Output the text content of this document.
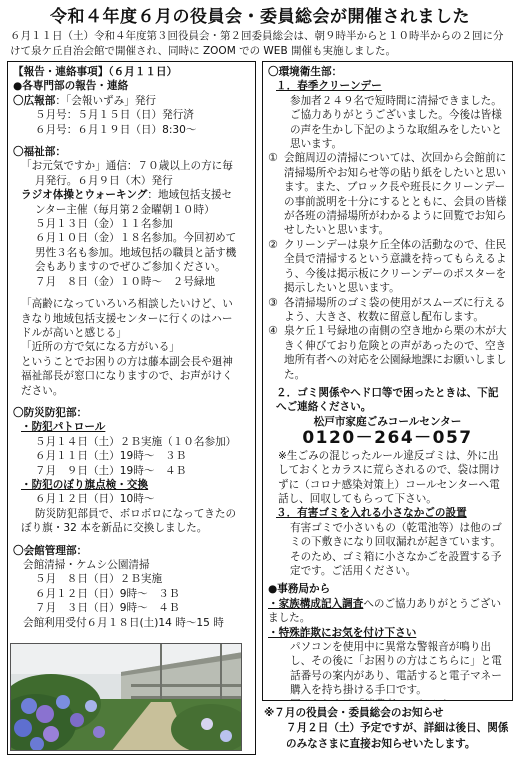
令和４年度６月の役員会・委員総会が開催されました
６月１１日（土）令和４年度第３回役員会・第２回委員総会は、朝９時半からと１０時半からの２回に分けて泉ケ丘自治会館で開催され、同時に ZOOM での WEB 開催も実施しました。
【報告・連絡事項】（６月１１日）
●各専門部の報告・連絡
〇広報部：「会報いずみ」発行
５月号：５月１５日（日）発行済
６月号：６月１９日（日）8:30～
〇福祉部：
「お元気ですか」通信：７０歳以上の方に毎
月発行。６月９日（木）発行
ラジオ体操とウォーキング：地域包括支援セ
ンター主催（毎月第２金曜朝１０時）
５月１３日（金）１１名参加
６月１０日（金）１８名参加。今回初めて
男性３名も参加。地域包括の職員と話す機
会もありますのでぜひご参加ください。
７月　８日（金）１０時～　２号緑地
「高齢になっていろいろ相談したいけど、い
きなり地域包括支援センターに行くのはハー
ドルが高いと感じる」
「近所の方で気になる方がいる」
ということでお困りの方は藤本副会長や廻神
福祉部長が窓口になりますので、お声がけく
ださい。
〇防災防犯部：
・防犯パトロール
５月１４日（土）２Ｂ実施（１０名参加）
６月１１日（土）19時～　３Ｂ
７月　９日（土）19時～　４Ｂ
・防犯のぼり旗点検・交換
６月１２日（日）10時～
防災防犯部員で、ボロボロになってきたの
ぼり旗・32 本を新品に交換しました。
〇会館管理部：
会館清掃・ケムシ公園清掃
５月　８日（日）２Ｂ実施
６月１２日（日）9時～　３Ｂ
７月　３日（日）9時～　４Ｂ
会館利用受付６月１８日(土)14 時～15 時
〇環境衛生部：
１．春季クリーンデー
参加者２４９名で短時間に清掃できました。ご協力ありがとうございました。今後は皆様の声を生かし下記のような取組みをしたいと思います。
① 会館周辺の清掃については、次回から会館前に清掃場所やお知らせ等の貼り紙をしたいと思います。また、ブロック長や班長にクリーンデーの事前説明を十分にするとともに、会員の皆様が各班の清掃場所がわかるように回覧でお知らせしたいと思います。
② クリーンデーは泉ケ丘全体の活動なので、住民全員で清掃するという意識を持ってもらえるよう、今後は掲示板にクリーンデーのポスターを掲示したいと思います。
③ 各清掃場所のゴミ袋の使用がスムーズに行えるよう、大きさ、枚数に留意し配布します。
④ 泉ケ丘１号緑地の南側の空き地から栗の木が大きく伸びており危険との声があったので、空き地所有者への対応を公園緑地課にお願いしました。
２．ゴミ関係やヘド口等で困ったときは、下記へご連絡ください。
松戸市家庭ごみコールセンター
0120－264－057
※生ごみの混じったルール違反ゴミは、外に出しておくとカラスに荒らされるので、袋は開けずに（コロナ感染対策上）コールセンターへ電話し、回収してもらって下さい。
３．有害ゴミを入れる小さなかごの設置
有害ゴミで小さいもの（乾電池等）は他のゴミの下敷きになり回収漏れが起きています。そのため、ゴミ箱に小さなかごを設置する予定です。ご活用ください。
●事務局から
・家族構成記入調査へのご協力ありがとうございました。
・特殊詐欺にお気を付け下さい
パソコンを使用中に異常な警報音が鳴り出し、その後に「お困りの方はこちらに」と電話番号の案内があり、電話すると電子マネー購入を持ち掛ける手口です。
※７月の役員会・委員総会のお知らせ
７月２日（土）予定ですが、詳細は後日、関係のみなさまに直接お知らせいたします。
